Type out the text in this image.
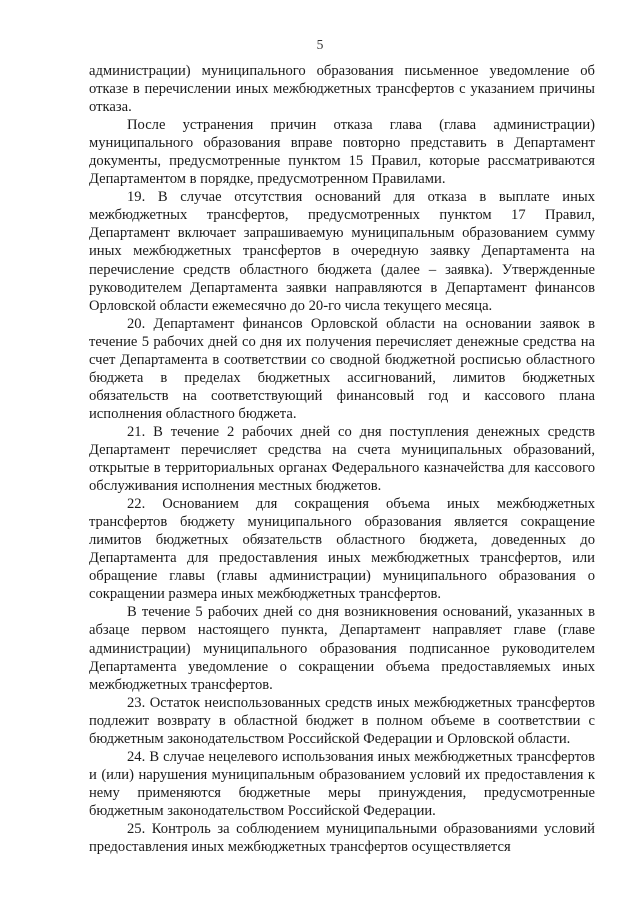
5

администрации) муниципального образования письменное уведомление об отказе в перечислении иных межбюджетных трансфертов с указанием причины отказа.

После устранения причин отказа глава (глава администрации) муниципального образования вправе повторно представить в Департамент документы, предусмотренные пунктом 15 Правил, которые рассматриваются Департаментом в порядке, предусмотренном Правилами.

19. В случае отсутствия оснований для отказа в выплате иных межбюджетных трансфертов, предусмотренных пунктом 17 Правил, Департамент включает запрашиваемую муниципальным образованием сумму иных межбюджетных трансфертов в очередную заявку Департамента на перечисление средств областного бюджета (далее – заявка). Утвержденные руководителем Департамента заявки направляются в Департамент финансов Орловской области ежемесячно до 20-го числа текущего месяца.

20. Департамент финансов Орловской области на основании заявок в течение 5 рабочих дней со дня их получения перечисляет денежные средства на счет Департамента в соответствии со сводной бюджетной росписью областного бюджета в пределах бюджетных ассигнований, лимитов бюджетных обязательств на соответствующий финансовый год и кассового плана исполнения областного бюджета.

21. В течение 2 рабочих дней со дня поступления денежных средств Департамент перечисляет средства на счета муниципальных образований, открытые в территориальных органах Федерального казначейства для кассового обслуживания исполнения местных бюджетов.

22. Основанием для сокращения объема иных межбюджетных трансфертов бюджету муниципального образования является сокращение лимитов бюджетных обязательств областного бюджета, доведенных до Департамента для предоставления иных межбюджетных трансфертов, или обращение главы (главы администрации) муниципального образования о сокращении размера иных межбюджетных трансфертов.

В течение 5 рабочих дней со дня возникновения оснований, указанных в абзаце первом настоящего пункта, Департамент направляет главе (главе администрации) муниципального образования подписанное руководителем Департамента уведомление о сокращении объема предоставляемых иных межбюджетных трансфертов.

23. Остаток неиспользованных средств иных межбюджетных трансфертов подлежит возврату в областной бюджет в полном объеме в соответствии с бюджетным законодательством Российской Федерации и Орловской области.

24. В случае нецелевого использования иных межбюджетных трансфертов и (или) нарушения муниципальным образованием условий их предоставления к нему применяются бюджетные меры принуждения, предусмотренные бюджетным законодательством Российской Федерации.

25. Контроль за соблюдением муниципальными образованиями условий предоставления иных межбюджетных трансфертов осуществляется
